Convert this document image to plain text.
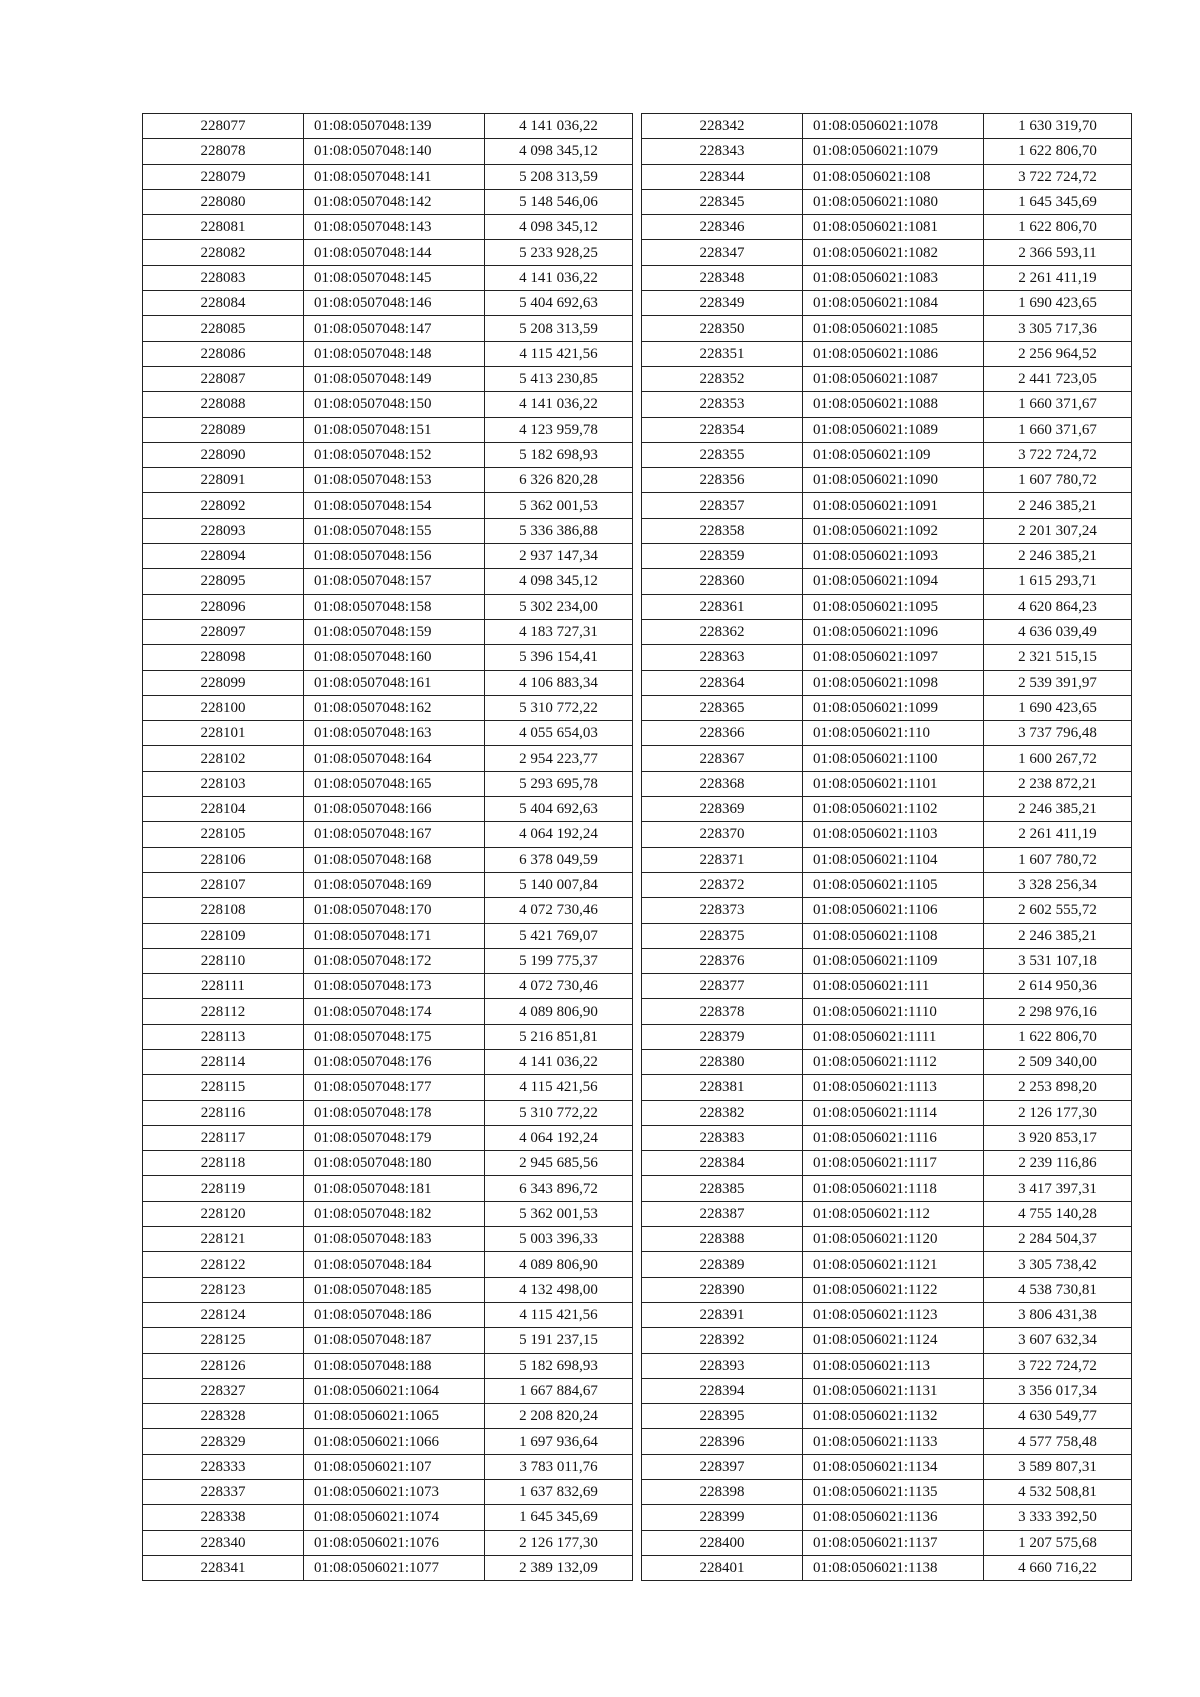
228077	01:08:0507048:139	4 141 036,22
228078	01:08:0507048:140	4 098 345,12
228079	01:08:0507048:141	5 208 313,59
228080	01:08:0507048:142	5 148 546,06
228081	01:08:0507048:143	4 098 345,12
228082	01:08:0507048:144	5 233 928,25
228083	01:08:0507048:145	4 141 036,22
228084	01:08:0507048:146	5 404 692,63
228085	01:08:0507048:147	5 208 313,59
228086	01:08:0507048:148	4 115 421,56
228087	01:08:0507048:149	5 413 230,85
228088	01:08:0507048:150	4 141 036,22
228089	01:08:0507048:151	4 123 959,78
228090	01:08:0507048:152	5 182 698,93
228091	01:08:0507048:153	6 326 820,28
228092	01:08:0507048:154	5 362 001,53
228093	01:08:0507048:155	5 336 386,88
228094	01:08:0507048:156	2 937 147,34
228095	01:08:0507048:157	4 098 345,12
228096	01:08:0507048:158	5 302 234,00
228097	01:08:0507048:159	4 183 727,31
228098	01:08:0507048:160	5 396 154,41
228099	01:08:0507048:161	4 106 883,34
228100	01:08:0507048:162	5 310 772,22
228101	01:08:0507048:163	4 055 654,03
228102	01:08:0507048:164	2 954 223,77
228103	01:08:0507048:165	5 293 695,78
228104	01:08:0507048:166	5 404 692,63
228105	01:08:0507048:167	4 064 192,24
228106	01:08:0507048:168	6 378 049,59
228107	01:08:0507048:169	5 140 007,84
228108	01:08:0507048:170	4 072 730,46
228109	01:08:0507048:171	5 421 769,07
228110	01:08:0507048:172	5 199 775,37
228111	01:08:0507048:173	4 072 730,46
228112	01:08:0507048:174	4 089 806,90
228113	01:08:0507048:175	5 216 851,81
228114	01:08:0507048:176	4 141 036,22
228115	01:08:0507048:177	4 115 421,56
228116	01:08:0507048:178	5 310 772,22
228117	01:08:0507048:179	4 064 192,24
228118	01:08:0507048:180	2 945 685,56
228119	01:08:0507048:181	6 343 896,72
228120	01:08:0507048:182	5 362 001,53
228121	01:08:0507048:183	5 003 396,33
228122	01:08:0507048:184	4 089 806,90
228123	01:08:0507048:185	4 132 498,00
228124	01:08:0507048:186	4 115 421,56
228125	01:08:0507048:187	5 191 237,15
228126	01:08:0507048:188	5 182 698,93
228327	01:08:0506021:1064	1 667 884,67
228328	01:08:0506021:1065	2 208 820,24
228329	01:08:0506021:1066	1 697 936,64
228333	01:08:0506021:107	3 783 011,76
228337	01:08:0506021:1073	1 637 832,69
228338	01:08:0506021:1074	1 645 345,69
228340	01:08:0506021:1076	2 126 177,30
228341	01:08:0506021:1077	2 389 132,09
228342	01:08:0506021:1078	1 630 319,70
228343	01:08:0506021:1079	1 622 806,70
228344	01:08:0506021:108	3 722 724,72
228345	01:08:0506021:1080	1 645 345,69
228346	01:08:0506021:1081	1 622 806,70
228347	01:08:0506021:1082	2 366 593,11
228348	01:08:0506021:1083	2 261 411,19
228349	01:08:0506021:1084	1 690 423,65
228350	01:08:0506021:1085	3 305 717,36
228351	01:08:0506021:1086	2 256 964,52
228352	01:08:0506021:1087	2 441 723,05
228353	01:08:0506021:1088	1 660 371,67
228354	01:08:0506021:1089	1 660 371,67
228355	01:08:0506021:109	3 722 724,72
228356	01:08:0506021:1090	1 607 780,72
228357	01:08:0506021:1091	2 246 385,21
228358	01:08:0506021:1092	2 201 307,24
228359	01:08:0506021:1093	2 246 385,21
228360	01:08:0506021:1094	1 615 293,71
228361	01:08:0506021:1095	4 620 864,23
228362	01:08:0506021:1096	4 636 039,49
228363	01:08:0506021:1097	2 321 515,15
228364	01:08:0506021:1098	2 539 391,97
228365	01:08:0506021:1099	1 690 423,65
228366	01:08:0506021:110	3 737 796,48
228367	01:08:0506021:1100	1 600 267,72
228368	01:08:0506021:1101	2 238 872,21
228369	01:08:0506021:1102	2 246 385,21
228370	01:08:0506021:1103	2 261 411,19
228371	01:08:0506021:1104	1 607 780,72
228372	01:08:0506021:1105	3 328 256,34
228373	01:08:0506021:1106	2 602 555,72
228375	01:08:0506021:1108	2 246 385,21
228376	01:08:0506021:1109	3 531 107,18
228377	01:08:0506021:111	2 614 950,36
228378	01:08:0506021:1110	2 298 976,16
228379	01:08:0506021:1111	1 622 806,70
228380	01:08:0506021:1112	2 509 340,00
228381	01:08:0506021:1113	2 253 898,20
228382	01:08:0506021:1114	2 126 177,30
228383	01:08:0506021:1116	3 920 853,17
228384	01:08:0506021:1117	2 239 116,86
228385	01:08:0506021:1118	3 417 397,31
228387	01:08:0506021:112	4 755 140,28
228388	01:08:0506021:1120	2 284 504,37
228389	01:08:0506021:1121	3 305 738,42
228390	01:08:0506021:1122	4 538 730,81
228391	01:08:0506021:1123	3 806 431,38
228392	01:08:0506021:1124	3 607 632,34
228393	01:08:0506021:113	3 722 724,72
228394	01:08:0506021:1131	3 356 017,34
228395	01:08:0506021:1132	4 630 549,77
228396	01:08:0506021:1133	4 577 758,48
228397	01:08:0506021:1134	3 589 807,31
228398	01:08:0506021:1135	4 532 508,81
228399	01:08:0506021:1136	3 333 392,50
228400	01:08:0506021:1137	1 207 575,68
228401	01:08:0506021:1138	4 660 716,22
